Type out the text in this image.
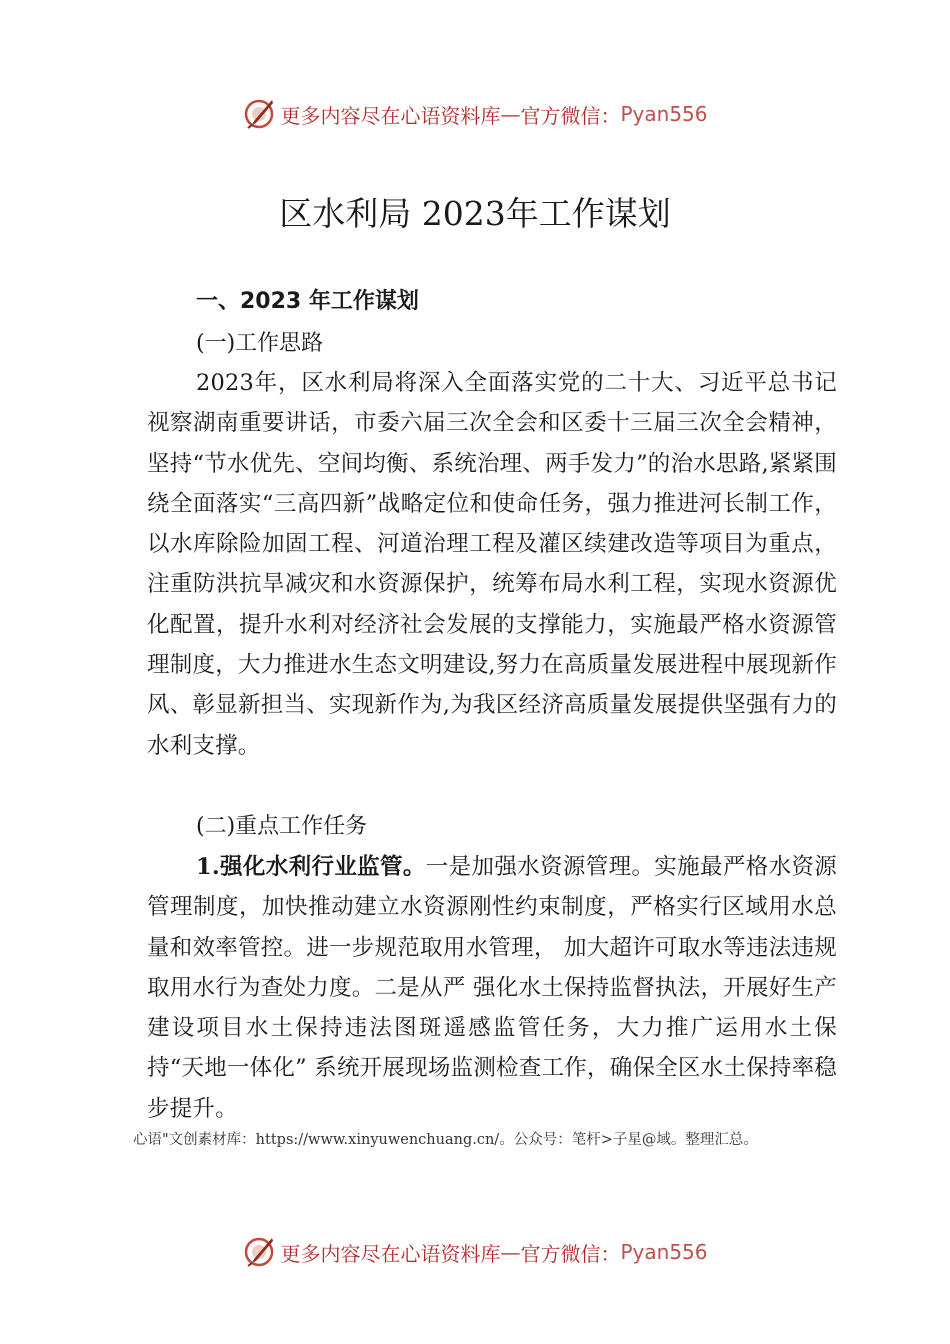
更多内容尽在心语资料库 — 官方微信： Pyan556
区水利局 2023年工作谋划
一、2023 年工作谋划
(一)工作思路
2023年，区水利局将深入全面落实党的二十大、习近平总书记视察湖南重要讲话，市委六届三次全会和区委十三届三次全会精神，坚持“节水优先、空间均衡、系统治理、两手发力”的治水思路,紧紧围绕全面落实“三高四新”战略定位和使命任务，强力推进河长制工作，以水库除险加固工程、河道治理工程及灌区续建改造等项目为重点，注重防洪抗旱减灾和水资源保护，统筹布局水利工程，实现水资源优化配置，提升水利对经济社会发展的支撑能力，实施最严格水资源管理制度，大力推进水生态文明建设,努力在高质量发展进程中展现新作风、彰显新担当、实现新作为,为我区经济高质量发展提供坚强有力的水利支撑。
(二)重点工作任务
1.强化水利行业监管。一是加强水资源管理。实施最严格水资源管理制度，加快推动建立水资源刚性约束制度，严格实行区域用水总量和效率管控。进一步规范取用水管理， 加大超许可取水等违法违规取用水行为查处力度。二是从严 强化水土保持监督执法，开展好生产建设项目水土保持违法图斑遥感监管任务，大力推广运用水土保持“天地一体化” 系统开展现场监测检查工作，确保全区水土保持率稳步提升。
心语"文创素材库：https://www.xinyuwenchuang.cn/。公众号：笔杆>子星@域。整理汇总。
更多内容尽在心语资料库 — 官方微信： Pyan556
